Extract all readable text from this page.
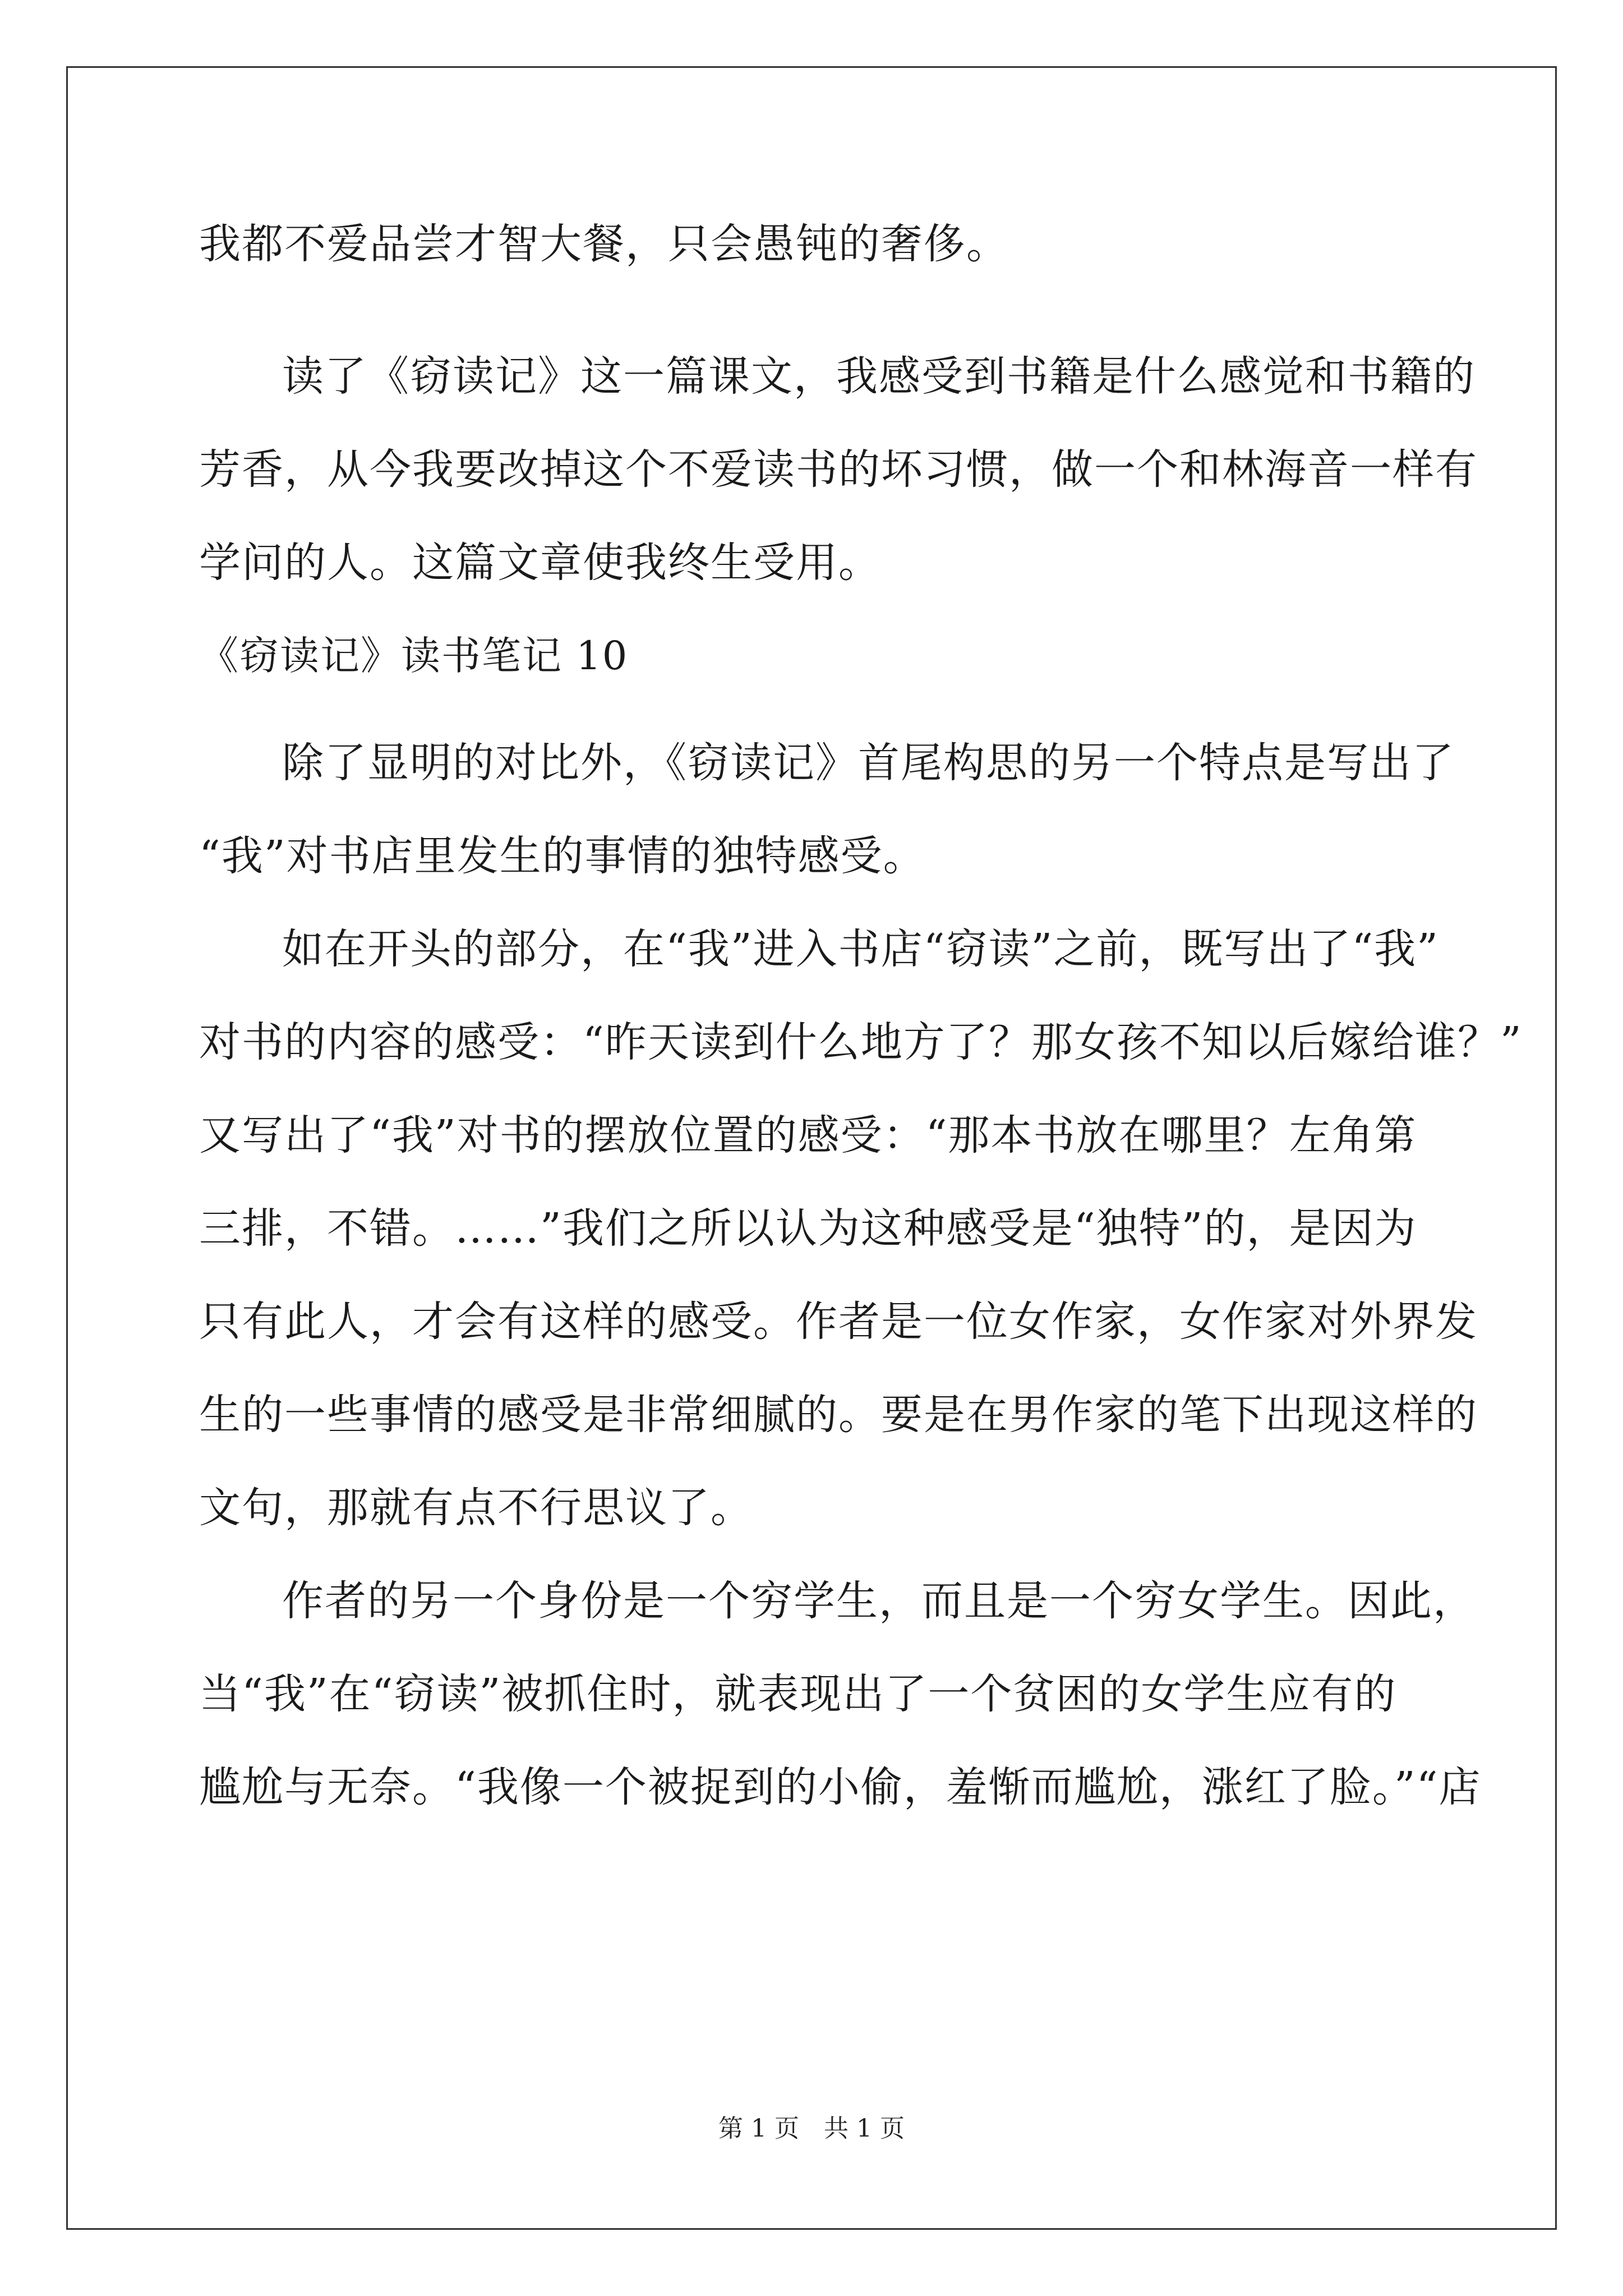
我都不爱品尝才智大餐，只会愚钝的奢侈。
读了《窃读记》这一篇课文，我感受到书籍是什么感觉和书籍的
芳香，从今我要改掉这个不爱读书的坏习惯，做一个和林海音一样有
学问的人。这篇文章使我终生受用。
《窃读记》读书笔记 10
除了显明的对比外，《窃读记》首尾构思的另一个特点是写出了
“我”对书店里发生的事情的独特感受。
如在开头的部分，在“我”进入书店“窃读”之前，既写出了“我”
对书的内容的感受：“昨天读到什么地方了？那女孩不知以后嫁给谁？”
又写出了“我”对书的摆放位置的感受：“那本书放在哪里？左角第
三排，不错。……”我们之所以认为这种感受是“独特”的，是因为
只有此人，才会有这样的感受。作者是一位女作家，女作家对外界发
生的一些事情的感受是非常细腻的。要是在男作家的笔下出现这样的
文句，那就有点不行思议了。
作者的另一个身份是一个穷学生，而且是一个穷女学生。因此，
当“我”在“窃读”被抓住时，就表现出了一个贫困的女学生应有的
尴尬与无奈。“我像一个被捉到的小偷，羞惭而尴尬，涨红了脸。”“店
第 1 页　共 1 页
